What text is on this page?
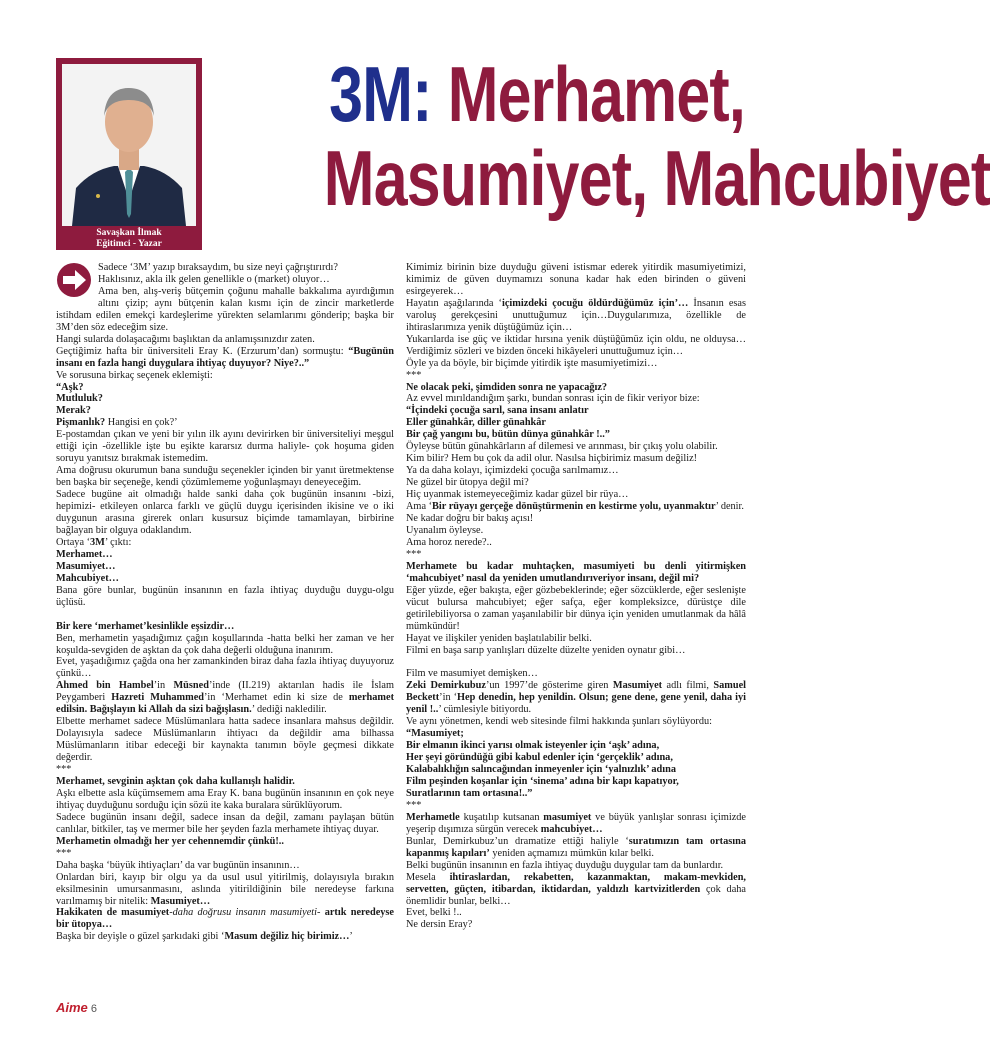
Savaşkan İlmak
Eğitimci - Yazar
3M: Merhamet,
Masumiyet, Mahcubiyet

Sadece ‘3M’ yazıp bıraksaydım, bu size neyi çağrıştırırdı?

Haklısınız, akla ilk gelen genellikle o (market) oluyor…

Ama ben, alış-veriş bütçemin çoğunu mahalle bakkalıma ayırdığımın altını çizip; aynı bütçenin kalan kısmı için de zincir marketlerde istihdam edilen emekçi kardeşlerime yürekten selamlarımı gönderip; başka bir 3M’den söz edeceğim size.

Hangi sularda dolaşacağımı başlıktan da anlamışsınızdır zaten.

Geçtiğimiz hafta bir üniversiteli Eray K. (Erzurum’dan) sormuştu: “Bugünün insanı en fazla hangi duygulara ihtiyaç duyuyor? Niye?..”

Ve sorusuna birkaç seçenek eklemişti:

“Aşk?

Mutluluk?

Merak?

Pişmanlık? Hangisi en çok?’

E-postamdan çıkan ve yeni bir yılın ilk ayını devirirken bir üniversiteliyi meşgul ettiği için -özellikle işte bu eşikte kararsız durma haliyle- çok hoşuma giden soruyu yanıtsız bırakmak istemedim.

Ama doğrusu okurumun bana sunduğu seçenekler içinden bir yanıt üretmektense ben başka bir seçeneğe, kendi çözümlememe yoğunlaşmayı deneyeceğim.

Sadece bugüne ait olmadığı halde sanki daha çok bugünün insanını -bizi, hepimizi- etkileyen onlarca farklı ve güçlü duygu içerisinden ikisine ve o iki duygunun arasına girerek onları kusursuz biçimde tamamlayan, birbirine bağlayan bir olguya odaklandım.

Ortaya ‘3M’ çıktı:

Merhamet…

Masumiyet…

Mahcubiyet…

Bana göre bunlar, bugünün insanının en fazla ihtiyaç duyduğu duygu-olgu üçlüsü.

Bir kere ‘merhamet’kesinlikle eşsizdir…

Ben, merhametin yaşadığımız çağın koşullarında -hatta belki her zaman ve her koşulda-sevgiden de aşktan da çok daha değerli olduğuna inanırım.

Evet, yaşadığımız çağda ona her zamankinden biraz daha fazla ihtiyaç duyuyoruz çünkü…

Ahmed bin Hambel’in Müsned’inde (II.219) aktarılan hadis ile İslam Peygamberi Hazreti Muhammed’in ‘Merhamet edin ki size de merhamet edilsin. Bağışlayın ki Allah da sizi bağışlasın.’ dediği nakledilir.

Elbette merhamet sadece Müslümanlara hatta sadece insanlara mahsus değildir. Dolayısıyla sadece Müslümanların ihtiyacı da değildir ama bilhassa Müslümanların itibar edeceği bir kaynakta tanımın böyle geçmesi dikkate değerdir.

***

Merhamet, sevginin aşktan çok daha kullanışlı halidir.

Aşkı elbette asla küçümsemem ama Eray K. bana bugünün insanının en çok neye ihtiyaç duyduğunu sorduğu için sözü ite kaka buralara sürüklüyorum.

Sadece bugünün insanı değil, sadece insan da değil, zamanı paylaşan bütün canlılar, bitkiler, taş ve mermer bile her şeyden fazla merhamete ihtiyaç duyar.

Merhametin olmadığı her yer cehennemdir çünkü!..

***

Daha başka ‘büyük ihtiyaçları’ da var bugünün insanının…

Onlardan biri, kayıp bir olgu ya da usul usul yitirilmiş, dolayısıyla bırakın eksilmesinin umursanmasını, aslında yitirildiğinin bile neredeyse farkına varılmamış bir nitelik: Masumiyet…

Hakikaten de masumiyet-daha doğrusu insanın masumiyeti- artık neredeyse bir ütopya…

Başka bir deyişle o güzel şarkıdaki gibi ‘Masum değiliz hiç birimiz…’

Kimimiz birinin bize duyduğu güveni istismar ederek yitirdik masumiyetimizi, kimimiz de güven duymamızı sonuna kadar hak eden birinden o güveni esirgeyerek…

Hayatın aşağılarında ‘içimizdeki çocuğu öldürdüğümüz için’… İnsanın esas varoluş gerekçesini unuttuğumuz için…Duygularımıza, özellikle de ihtiraslarımıza yenik düştüğümüz için…

Yukarılarda ise güç ve iktidar hırsına yenik düştüğümüz için oldu, ne olduysa…Verdiğimiz sözleri ve bizden önceki hikâyeleri unuttuğumuz için…

Öyle ya da böyle, bir biçimde yitirdik işte masumiyetimizi…

***

Ne olacak peki, şimdiden sonra ne yapacağız?

Az evvel mırıldandığım şarkı, bundan sonrası için de fikir veriyor bize:

“İçindeki çocuğa sarıl, sana insanı anlatır

Eller günahkâr, diller günahkâr

Bir çağ yangını bu, bütün dünya günahkâr !..”

Öyleyse bütün günahkârların af dilemesi ve arınması, bir çıkış yolu olabilir.

Kim bilir? Hem bu çok da adil olur. Nasılsa hiçbirimiz masum değiliz!

Ya da daha kolayı, içimizdeki çocuğa sarılmamız…

Ne güzel bir ütopya değil mi?

Hiç uyanmak istemeyeceğimiz kadar güzel bir rüya…

Ama ‘Bir rüyayı gerçeğe dönüştürmenin en kestirme yolu, uyanmaktır’ denir.

Ne kadar doğru bir bakış açısı!

Uyanalım öyleyse.

Ama horoz nerede?..

***

Merhamete bu kadar muhtaçken, masumiyeti bu denli yitirmişken ‘mahcubiyet’ nasıl da yeniden umutlandırıveriyor insanı, değil mi?

Eğer yüzde, eğer bakışta, eğer gözbebeklerinde; eğer sözcüklerde, eğer seslenişte vücut bulursa mahcubiyet; eğer safça, eğer kompleksizce, dürüstçe dile getirilebiliyorsa o zaman yaşanılabilir bir dünya için yeniden umutlanmak da hâlâ mümkündür!

Hayat ve ilişkiler yeniden başlatılabilir belki.

Filmi en başa sarıp yanlışları düzelte düzelte yeniden oynatır gibi…

Film ve masumiyet demişken…

Zeki Demirkubuz’un 1997’de gösterime giren Masumiyet adlı filmi, Samuel Beckett’in ‘Hep denedin, hep yenildin. Olsun; gene dene, gene yenil, daha iyi yenil !..’ cümlesiyle bitiyordu.

Ve aynı yönetmen, kendi web sitesinde filmi hakkında şunları söylüyordu:

“Masumiyet;

Bir elmanın ikinci yarısı olmak isteyenler için ‘aşk’ adına,

Her şeyi göründüğü gibi kabul edenler için ‘gerçeklik’ adına,

Kalabalıklığın salıncağından inmeyenler için ‘yalnızlık’ adına

Film peşinden koşanlar için ‘sinema’ adına bir kapı kapatıyor,

Suratlarının tam ortasına!..”

***

Merhametle kuşatılıp kutsanan masumiyet ve büyük yanlışlar sonrası içimizde yeşerip dışımıza sürgün verecek mahcubiyet…

Bunlar, Demirkubuz’un dramatize ettiği haliyle ‘suratımızın tam ortasına kapanmış kapıları’ yeniden açmamızı mümkün kılar belki.

Belki bugünün insanının en fazla ihtiyaç duyduğu duygular tam da bunlardır.

Mesela ihtiraslardan, rekabetten, kazanmaktan, makam-mevkiden, servetten, güçten, itibardan, iktidardan, yaldızlı kartvizitlerden çok daha önemlidir bunlar, belki…

Evet, belki !..

Ne dersin Eray?

Aime 6
